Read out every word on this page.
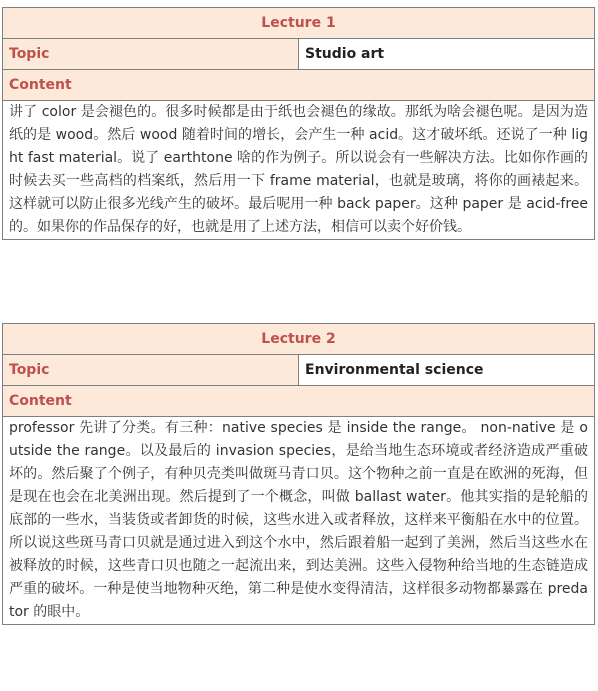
Lecture 1
Topic	Studio art
Content
讲了 color 是会褪色的。很多时候都是由于纸也会褪色的缘故。那纸为啥会褪色呢。是因为造纸的是 wood。然后 wood 随着时间的增长，会产生一种 acid。这才破坏纸。还说了一种 light fast material。说了 earthtone 啥的作为例子。所以说会有一些解决方法。比如你作画的时候去买一些高档的档案纸，然后用一下 frame material，也就是玻璃，将你的画裱起来。这样就可以防止很多光线产生的破坏。最后呢用一种 back paper。这种 paper 是 acid-free 的。如果你的作品保存的好，也就是用了上述方法，相信可以卖个好价钱。
Lecture 2
Topic	Environmental science
Content
professor 先讲了分类。有三种：native species 是 inside the range。 non-native 是 outside the range。以及最后的 invasion species，是给当地生态环境或者经济造成严重破坏的。然后聚了个例子，有种贝壳类叫做斑马青口贝。这个物种之前一直是在欧洲的死海，但是现在也会在北美洲出现。然后提到了一个概念，叫做 ballast water。他其实指的是轮船的底部的一些水，当装货或者卸货的时候，这些水进入或者释放，这样来平衡船在水中的位置。所以说这些斑马青口贝就是通过进入到这个水中，然后跟着船一起到了美洲，然后当这些水在被释放的时候，这些青口贝也随之一起流出来，到达美洲。这些入侵物种给当地的生态链造成严重的破坏。一种是使当地物种灭绝，第二种是使水变得清洁，这样很多动物都暴露在 predator 的眼中。
